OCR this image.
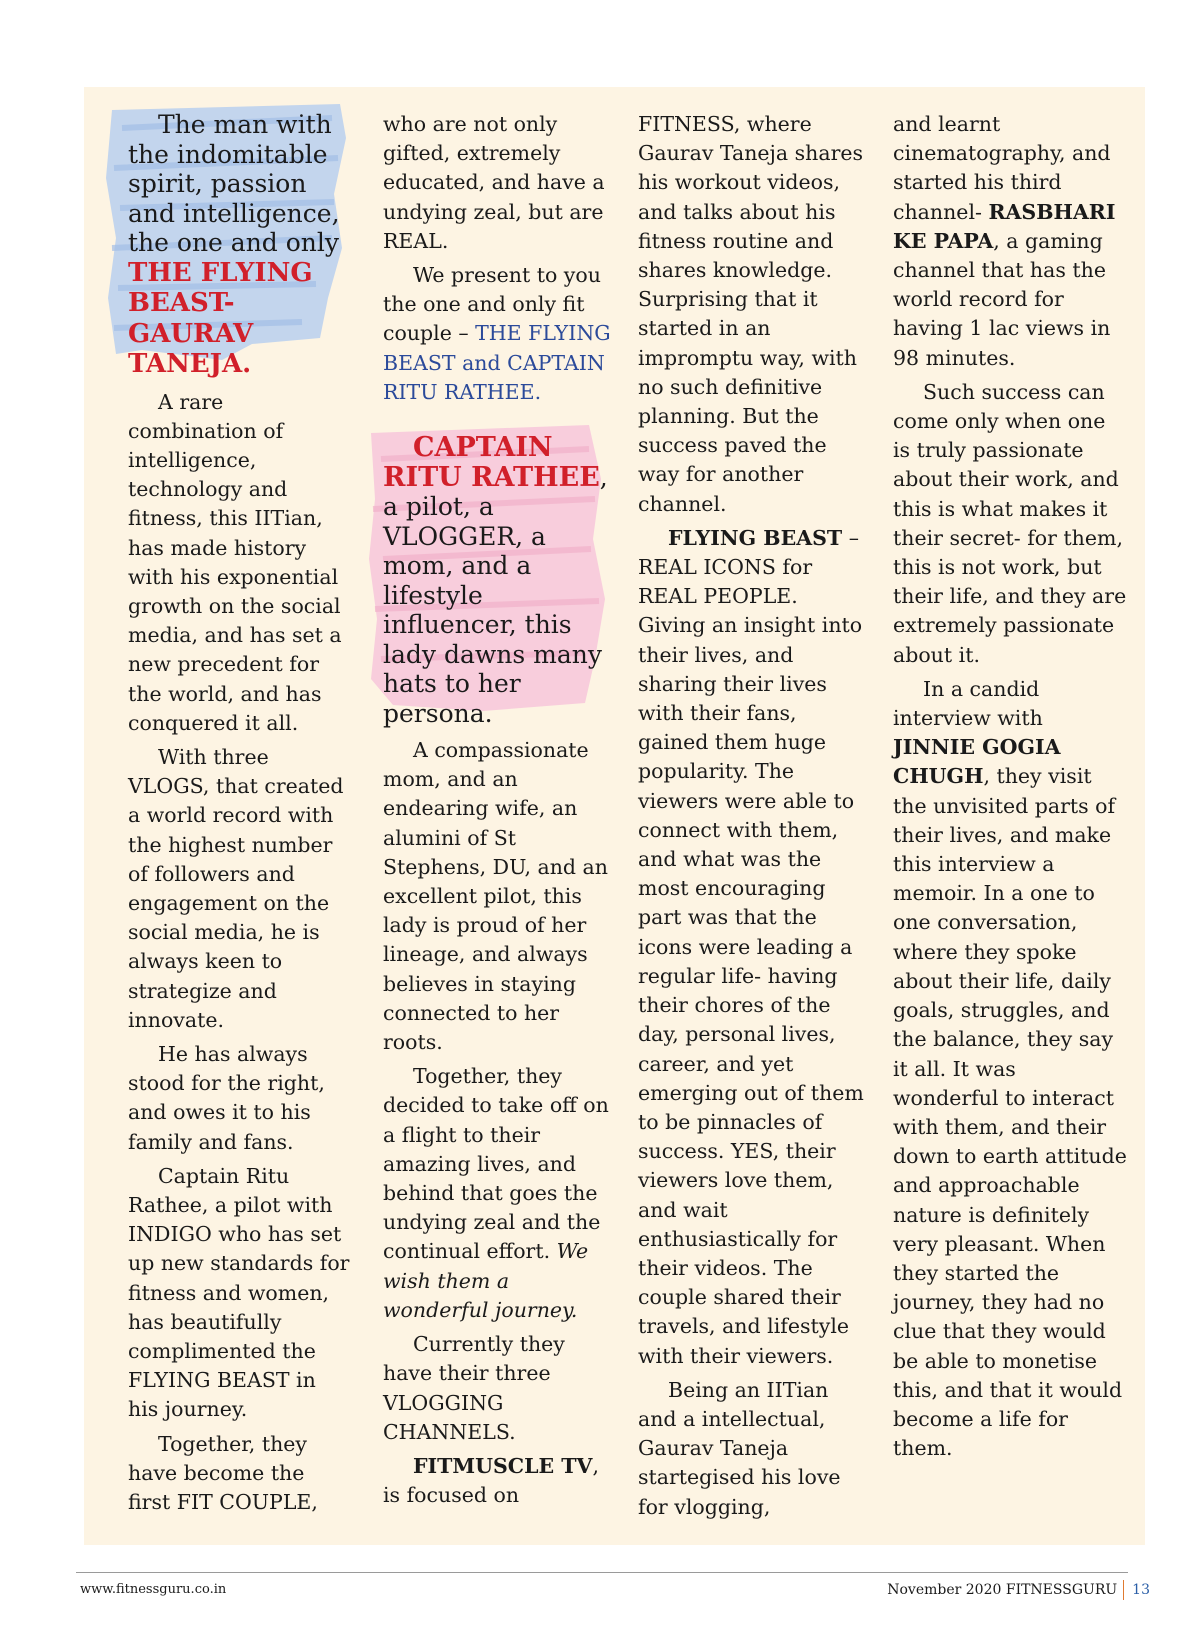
The man with the indomitable spirit, passion and intelligence, the one and only THE FLYING BEAST- GAURAV TANEJA.

A rare combination of intelligence, technology and fitness, this IITian, has made history with his exponential growth on the social media, and has set a new precedent for the world, and has conquered it all.

With three VLOGS, that created a world record with the highest number of followers and engagement on the social media, he is always keen to strategize and innovate.

He has always stood for the right, and owes it to his family and fans.

Captain Ritu Rathee, a pilot with INDIGO who has set up new standards for fitness and women, has beautifully complimented the FLYING BEAST in his journey.

Together, they have become the first FIT COUPLE,

who are not only gifted, extremely educated, and have a undying zeal, but are REAL.

We present to you the one and only fit couple – THE FLYING BEAST and CAPTAIN RITU RATHEE.

CAPTAIN RITU RATHEE, a pilot, a VLOGGER, a mom, and a lifestyle influencer, this lady dawns many hats to her persona.

A compassionate mom, and an endearing wife, an alumini of St Stephens, DU, and an excellent pilot, this lady is proud of her lineage, and always believes in staying connected to her roots.

Together, they decided to take off on a flight to their amazing lives, and behind that goes the undying zeal and the continual effort. We wish them a wonderful journey.

Currently they have their three VLOGGING CHANNELS.

FITMUSCLE TV, is focused on

FITNESS, where Gaurav Taneja shares his workout videos, and talks about his fitness routine and shares knowledge. Surprising that it started in an impromptu way, with no such definitive planning. But the success paved the way for another channel.

FLYING BEAST – REAL ICONS for REAL PEOPLE. Giving an insight into their lives, and sharing their lives with their fans, gained them huge popularity. The viewers were able to connect with them, and what was the most encouraging part was that the icons were leading a regular life- having their chores of the day, personal lives, career, and yet emerging out of them to be pinnacles of success. YES, their viewers love them, and wait enthusiastically for their videos. The couple shared their travels, and lifestyle with their viewers.

Being an IITian and a intellectual, Gaurav Taneja startegised his love for vlogging,

and learnt cinematography, and started his third channel- RASBHARI KE PAPA, a gaming channel that has the world record for having 1 lac views in 98 minutes.

Such success can come only when one is truly passionate about their work, and this is what makes it their secret- for them, this is not work, but their life, and they are extremely passionate about it.

In a candid interview with JINNIE GOGIA CHUGH, they visit the unvisited parts of their lives, and make this interview a memoir. In a one to one conversation, where they spoke about their life, daily goals, struggles, and the balance, they say it all. It was wonderful to interact with them, and their down to earth attitude and approachable nature is definitely very pleasant. When they started the journey, they had no clue that they would be able to monetise this, and that it would become a life for them.

www.fitnessguru.co.in	November 2020 FITNESSGURU 13
